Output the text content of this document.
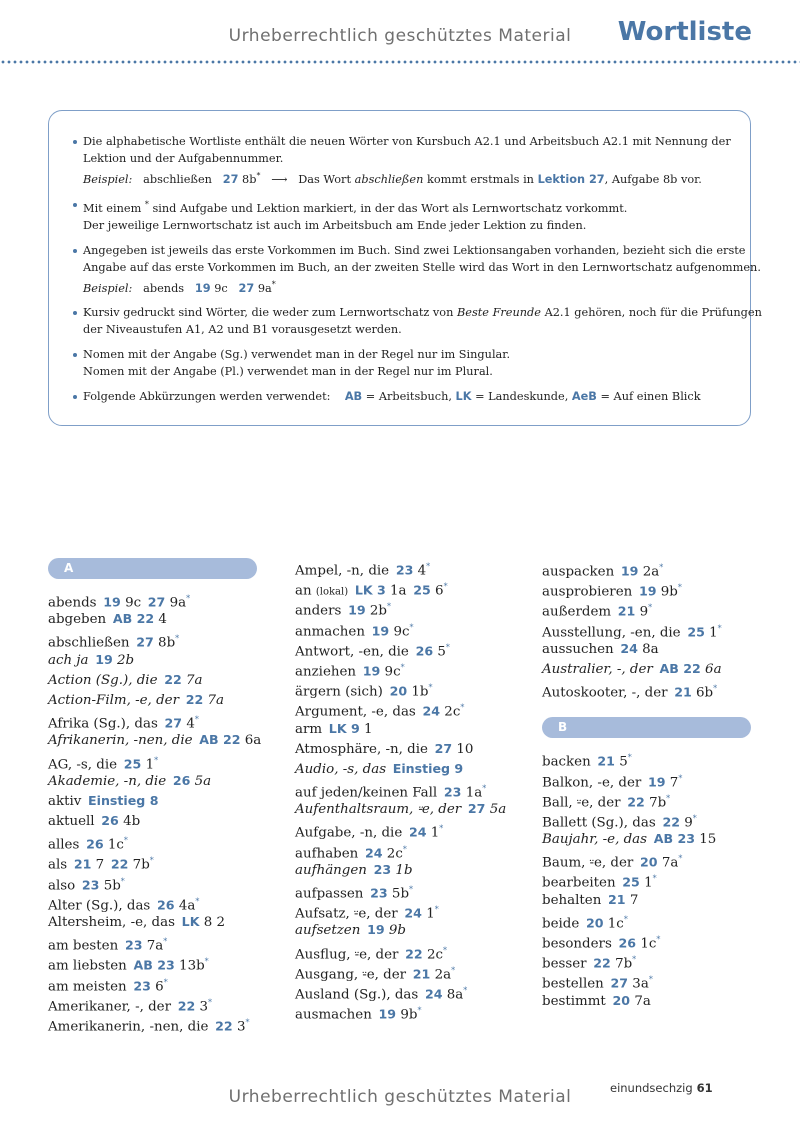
Urheberrechtlich geschütztes Material	Wortliste
Die alphabetische Wortliste enthält die neuen Wörter von Kursbuch A2.1 und Arbeitsbuch A2.1 mit Nennung der
Lektion und der Aufgabennummer.
Beispiel: abschließen 27 8b* ⟶ Das Wort abschließen kommt erstmals in Lektion 27, Aufgabe 8b vor.
Mit einem * sind Aufgabe und Lektion markiert, in der das Wort als Lernwortschatz vorkommt.
Der jeweilige Lernwortschatz ist auch im Arbeitsbuch am Ende jeder Lektion zu finden.
Angegeben ist jeweils das erste Vorkommen im Buch. Sind zwei Lektionsangaben vorhanden, bezieht sich die erste
Angabe auf das erste Vorkommen im Buch, an der zweiten Stelle wird das Wort in den Lernwortschatz aufgenommen.
Beispiel: abends 19 9c 27 9a*
Kursiv gedruckt sind Wörter, die weder zum Lernwortschatz von Beste Freunde A2.1 gehören, noch für die Prüfungen
der Niveaustufen A1, A2 und B1 vorausgesetzt werden.
Nomen mit der Angabe (Sg.) verwendet man in der Regel nur im Singular.
Nomen mit der Angabe (Pl.) verwendet man in der Regel nur im Plural.
Folgende Abkürzungen werden verwendet: AB = Arbeitsbuch, LK = Landeskunde, AeB = Auf einen Blick
A
abends  19 9c  27 9a*
abgeben  AB 22 4
abschließen  27 8b*
ach ja  19 2b
Action (Sg.), die  22 7a
Action-Film, -e, der  22 7a
Afrika (Sg.), das  27 4*
Afrikanerin, -nen, die  AB 22 6a
AG, -s, die  25 1*
Akademie, -n, die  26 5a
aktiv  Einstieg 8
aktuell  26 4b
alles  26 1c*
als  21 7  22 7b*
also  23 5b*
Alter (Sg.), das  26 4a*
Altersheim, -e, das  LK 8 2
am besten  23 7a*
am liebsten  AB 23 13b*
am meisten  23 6*
Amerikaner, -, der  22 3*
Amerikanerin, -nen, die  22 3*
Ampel, -n, die  23 4*
an (lokal)  LK 3 1a  25 6*
anders  19 2b*
anmachen  19 9c*
Antwort, -en, die  26 5*
anziehen  19 9c*
ärgern (sich)  20 1b*
Argument, -e, das  24 2c*
arm  LK 9 1
Atmosphäre, -n, die  27 10
Audio, -s, das  Einstieg 9
auf jeden/keinen Fall  23 1a*
Aufenthaltsraum, ⸚e, der  27 5a
Aufgabe, -n, die  24 1*
aufhaben  24 2c*
aufhängen  23 1b
aufpassen  23 5b*
Aufsatz, ⸚e, der  24 1*
aufsetzen  19 9b
Ausflug, ⸚e, der  22 2c*
Ausgang, ⸚e, der  21 2a*
Ausland (Sg.), das  24 8a*
ausmachen  19 9b*
auspacken  19 2a*
ausprobieren  19 9b*
außerdem  21 9*
Ausstellung, -en, die  25 1*
aussuchen  24 8a
Australier, -, der  AB 22 6a
Autoskooter, -, der  21 6b*
B
backen  21 5*
Balkon, -e, der  19 7*
Ball, ⸚e, der  22 7b*
Ballett (Sg.), das  22 9*
Baujahr, -e, das  AB 23 15
Baum, ⸚e, der  20 7a*
bearbeiten  25 1*
behalten  21 7
beide  20 1c*
besonders  26 1c*
besser  22 7b*
bestellen  27 3a*
bestimmt  20 7a
einundsechzig 61
Urheberrechtlich geschütztes Material
